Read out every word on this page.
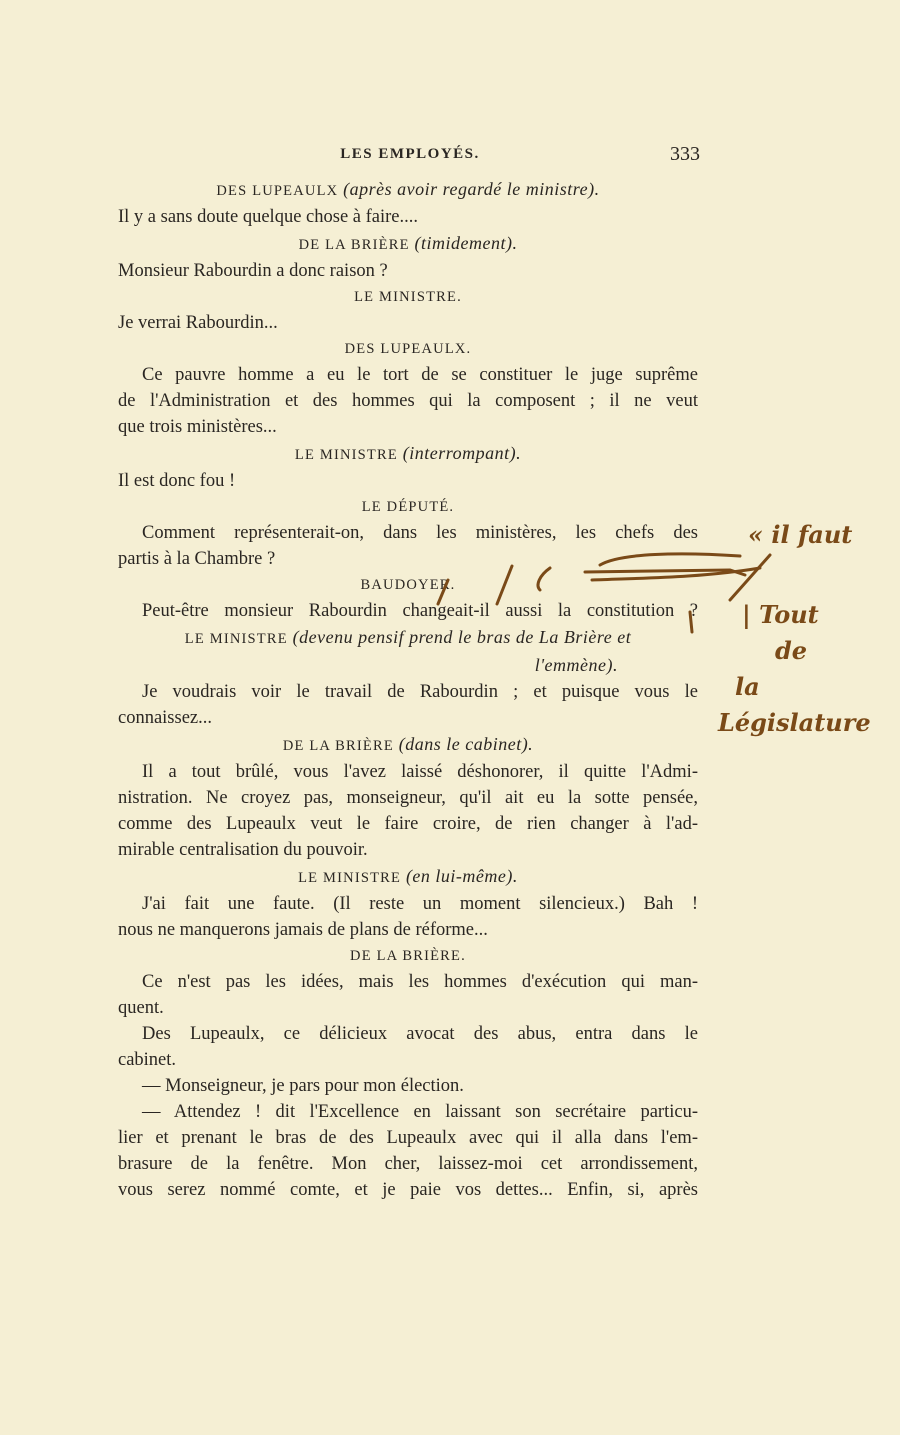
LES EMPLOYÉS.	333
DES LUPEAULX (après avoir regardé le ministre).
Il y a sans doute quelque chose à faire....
DE LA BRIÈRE (timidement).
Monsieur Rabourdin a donc raison ?
LE MINISTRE.
Je verrai Rabourdin...
DES LUPEAULX.
Ce pauvre homme a eu le tort de se constituer le juge suprême
de l'Administration et des hommes qui la composent ; il ne veut
que trois ministères...
LE MINISTRE (interrompant).
Il est donc fou !
LE DÉPUTÉ.
Comment représenterait-on, dans les ministères, les chefs des
partis à la Chambre ?
BAUDOYER.
Peut-être monsieur Rabourdin changeait-il aussi la constitution ?
LE MINISTRE (devenu pensif prend le bras de La Brière et
l'emmène).
Je voudrais voir le travail de Rabourdin ; et puisque vous le
connaissez...
DE LA BRIÈRE (dans le cabinet).
Il a tout brûlé, vous l'avez laissé déshonorer, il quitte l'Admi-
nistration. Ne croyez pas, monseigneur, qu'il ait eu la sotte pensée,
comme des Lupeaulx veut le faire croire, de rien changer à l'ad-
mirable centralisation du pouvoir.
LE MINISTRE (en lui-même).
J'ai fait une faute. (Il reste un moment silencieux.) Bah !
nous ne manquerons jamais de plans de réforme...
DE LA BRIÈRE.
Ce n'est pas les idées, mais les hommes d'exécution qui man-
quent.
Des Lupeaulx, ce délicieux avocat des abus, entra dans le
cabinet.
— Monseigneur, je pars pour mon élection.
— Attendez ! dit l'Excellence en laissant son secrétaire particu-
lier et prenant le bras de des Lupeaulx avec qui il alla dans l'em-
brasure de la fenêtre. Mon cher, laissez-moi cet arrondissement,
vous serez nommé comte, et je paie vos dettes... Enfin, si, après
« il faut
| Tout
de
la
Législature
